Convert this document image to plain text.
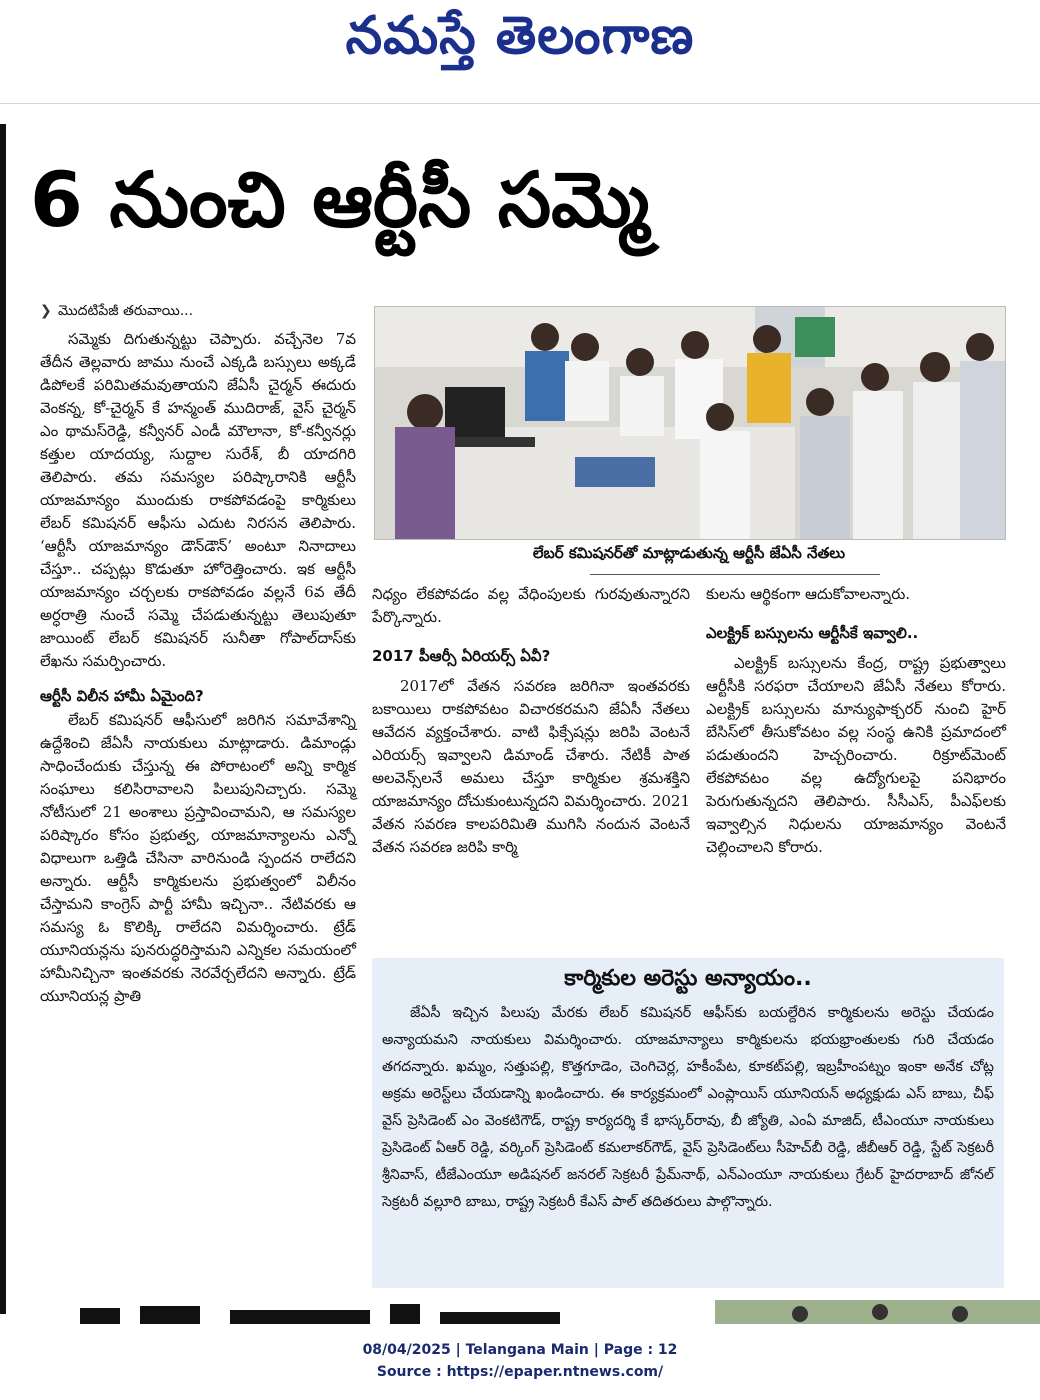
నమస్తే తెలంగాణ
6 నుంచి ఆర్టీసీ సమ్మె
❯ మొదటిపేజీ తరువాయి...

సమ్మెకు దిగుతున్నట్టు చెప్పారు. వచ్చేనెల 7వ తేదీన తెల్లవారు జాము నుంచే ఎక్కడి బస్సులు అక్కడే డిపోలకే పరిమితమవుతాయని జేఏసీ చైర్మన్ ఈదురు వెంకన్న, కో-చైర్మన్ కే హన్మంత్ ముదిరాజ్, వైస్ చైర్మన్ ఎం థామస్‌రెడ్డి, కన్వీనర్ ఎండీ మౌలానా, కో-కన్వీనర్లు కత్తుల యాదయ్య, సుద్దాల సురేశ్, బీ యాదగిరి తెలిపారు. తమ సమస్యల పరిష్కారానికి ఆర్టీసీ యాజమాన్యం ముందుకు రాకపోవడంపై కార్మికులు లేబర్ కమిషనర్ ఆఫీసు ఎదుట నిరసన తెలిపారు. ‘ఆర్టీసీ యాజమాన్యం డౌన్‌డౌన్’ అంటూ నినాదాలు చేస్తూ.. చప్పట్లు కొడుతూ హోరెత్తించారు. ఇక ఆర్టీసీ యాజమాన్యం చర్చలకు రాకపోవడం వల్లనే 6వ తేదీ అర్ధరాత్రి నుంచే సమ్మె చేపడుతున్నట్టు తెలుపుతూ జాయింట్ లేబర్ కమిషనర్ సునీతా గోపాల్‌దాస్‌కు లేఖను సమర్పించారు.

ఆర్టీసీ విలీన హామీ ఏమైంది?

లేబర్ కమిషనర్ ఆఫీసులో జరిగిన సమావేశాన్ని ఉద్దేశించి జేఏసీ నాయకులు మాట్లాడారు. డిమాండ్లు సాధించేందుకు చేస్తున్న ఈ పోరాటంలో అన్ని కార్మిక సంఘాలు కలిసిరావాలని పిలుపునిచ్చారు. సమ్మె నోటీసులో 21 అంశాలు ప్రస్తావించామని, ఆ సమస్యల పరిష్కారం కోసం ప్రభుత్వ, యాజమాన్యాలను ఎన్నో విధాలుగా ఒత్తిడి చేసినా వారినుండి స్పందన రాలేదని అన్నారు. ఆర్టీసీ కార్మికులను ప్రభుత్వంలో విలీనం చేస్తామని కాంగ్రెస్ పార్టీ హామీ ఇచ్చినా.. నేటివరకు ఆ సమస్య ఓ కొలిక్కి రాలేదని విమర్శించారు. ట్రేడ్ యూనియన్లను పునరుద్ధరిస్తామని ఎన్నికల సమయంలో హామీనిచ్చినా ఇంతవరకు నెరవేర్చలేదని అన్నారు. ట్రేడ్ యూనియన్ల ప్రాతి

లేబర్ కమిషనర్‌తో మాట్లాడుతున్న ఆర్టీసీ జేఏసీ నేతలు

నిధ్యం లేకపోవడం వల్ల వేధింపులకు గురవుతున్నారని పేర్కొన్నారు.

2017 పీఆర్సీ ఏరియర్స్ ఏవీ?

2017లో వేతన సవరణ జరిగినా ఇంతవరకు బకాయిలు రాకపోవటం విచారకరమని జేఏసీ నేతలు ఆవేదన వ్యక్తంచేశారు. వాటి ఫిక్సేషన్లు జరిపి వెంటనే ఎరియర్స్ ఇవ్వాలని డిమాండ్ చేశారు. నేటికీ పాత అలవెన్స్‌లనే అమలు చేస్తూ కార్మికుల శ్రమశక్తిని యాజమాన్యం దోచుకుంటున్నదని విమర్శించారు. 2021 వేతన సవరణ కాలపరిమితి ముగిసి నందున వెంటనే వేతన సవరణ జరిపి కార్మి

కులను ఆర్థికంగా ఆదుకోవాలన్నారు.

ఎలక్ట్రిక్ బస్సులను ఆర్టీసీకే ఇవ్వాలి..

ఎలక్ట్రిక్ బస్సులను కేంద్ర, రాష్ట్ర ప్రభుత్వాలు ఆర్టీసీకి సరఫరా చేయాలని జేఏసీ నేతలు కోరారు. ఎలక్ట్రిక్ బస్సులను మాన్యుఫాక్చరర్ నుంచి హైర్ బేసిస్‌లో తీసుకోవటం వల్ల సంస్థ ఉనికి ప్రమాదంలో పడుతుందని హెచ్చరించారు. రిక్రూట్‌మెంట్ లేకపోవటం వల్ల ఉద్యోగులపై పనిభారం పెరుగుతున్నదని తెలిపారు. సీసీఎస్, పీఎఫ్‌లకు ఇవ్వాల్సిన నిధులను యాజమాన్యం వెంటనే చెల్లించాలని కోరారు.

కార్మికుల అరెస్టు అన్యాయం..

జేఏసీ ఇచ్చిన పిలుపు మేరకు లేబర్ కమిషనర్ ఆఫీస్‌కు బయల్దేరిన కార్మికులను అరెస్టు చేయడం అన్యాయమని నాయకులు విమర్శించారు. యాజమాన్యాలు కార్మికులను భయభ్రాంతులకు గురి చేయడం తగదన్నారు. ఖమ్మం, సత్తుపల్లి, కొత్తగూడెం, చెంగిచెర్ల, హకీంపేట, కూకట్‌పల్లి, ఇబ్రహీంపట్నం ఇంకా అనేక చోట్ల అక్రమ అరెస్ట్‌లు చేయడాన్ని ఖండించారు. ఈ కార్యక్రమంలో ఎంప్లాయిస్ యూనియన్ అధ్యక్షుడు ఎస్ బాబు, చీఫ్ వైస్ ప్రెసిడెంట్ ఎం వెంకటిగౌడ్, రాష్ట్ర కార్యదర్శి కే భాస్కర్‌రావు, బీ జ్యోతి, ఎంఏ మాజిద్, టీఎంయూ నాయకులు ప్రెసిడెంట్ ఏఆర్ రెడ్డి, వర్కింగ్ ప్రెసిడెంట్ కమలాకర్‌గౌడ్, వైస్ ప్రెసిడెంట్‌లు సీహెచ్‌బీ రెడ్డి, జీబీఆర్ రెడ్డి, స్టేట్ సెక్రటరీ శ్రీనివాస్, టీజేఎంయూ అడిషనల్ జనరల్ సెక్రటరీ ప్రేమ్‌నాథ్, ఎన్ఎంయూ నాయకులు గ్రేటర్ హైదరాబాద్ జోనల్ సెక్రటరీ వల్లూరి బాబు, రాష్ట్ర సెక్రటరీ కేఎస్ పాల్ తదితరులు పాల్గొన్నారు.

08/04/2025 | Telangana Main | Page : 12
Source : https://epaper.ntnews.com/
